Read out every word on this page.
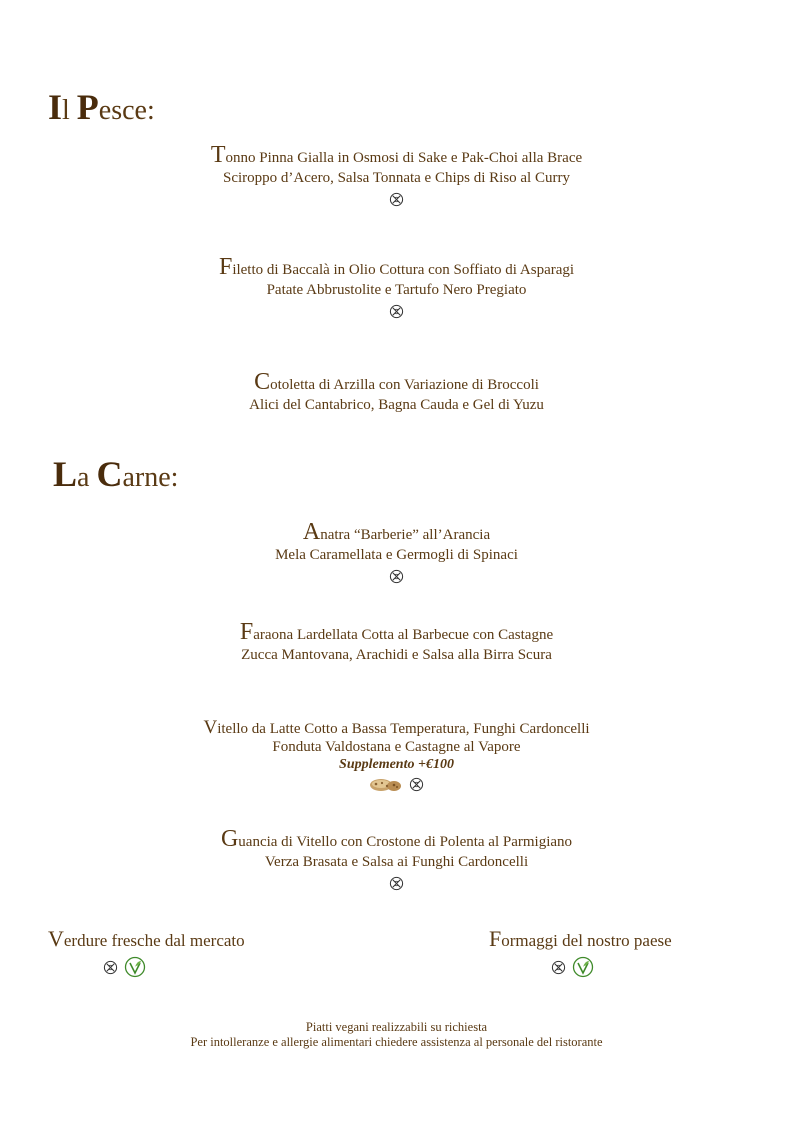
Il Pesce:
Tonno Pinna Gialla in Osmosi di Sake e Pak-Choi alla Brace
Sciroppo d’Acero, Salsa Tonnata e Chips di Riso al Curry
Filetto di Baccalà in Olio Cottura con Soffiato di Asparagi
Patate Abbrustolite e Tartufo Nero Pregiato
Cotoletta di Arzilla con Variazione di Broccoli
Alici del Cantabrico, Bagna Cauda e Gel di Yuzu
La Carne:
Anatra “Barberie” all’Arancia
Mela Caramellata e Germogli di Spinaci
Faraona Lardellata Cotta al Barbecue con Castagne
Zucca Mantovana, Arachidi e Salsa alla Birra Scura
Vitello da Latte Cotto a Bassa Temperatura, Funghi Cardoncelli
Fonduta Valdostana e Castagne al Vapore
Supplemento +€100
Guancia di Vitello con Crostone di Polenta al Parmigiano
Verza Brasata e Salsa ai Funghi Cardoncelli
Verdure fresche dal mercato	Formaggi del nostro paese
Piatti vegani realizzabili su richiesta
Per intolleranze e allergie alimentari chiedere assistenza al personale del ristorante
